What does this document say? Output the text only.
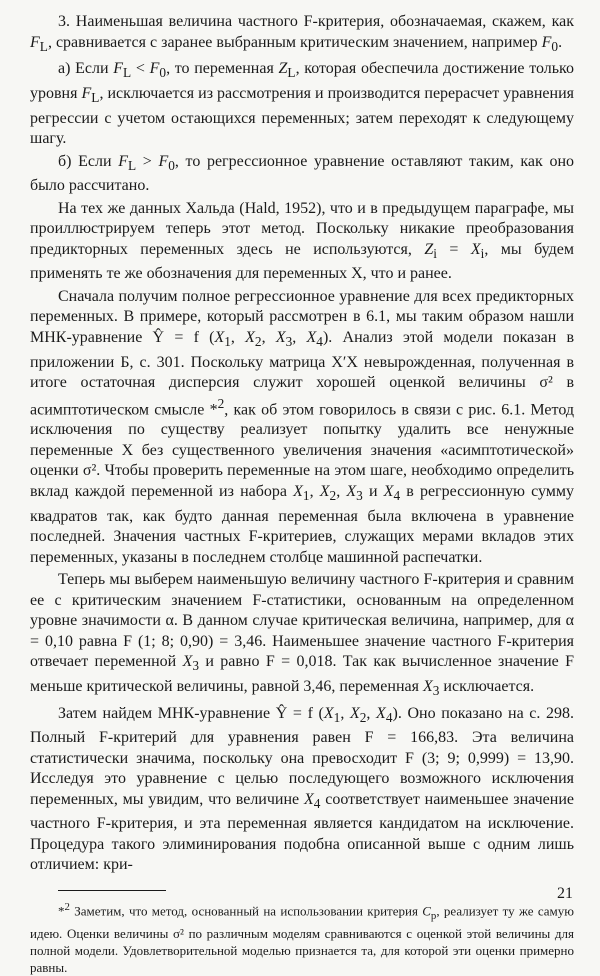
3. Наименьшая величина частного F-критерия, обозначаемая, скажем, как $F_L$, сравнивается с заранее выбранным критическим значением, например $F_0$.

а) Если $F_L < F_0$, то переменная $Z_L$, которая обеспечила достижение только уровня $F_L$, исключается из рассмотрения и производится перерасчет уравнения регрессии с учетом остающихся переменных; затем переходят к следующему шагу.

б) Если $F_L > F_0$, то регрессионное уравнение оставляют таким, как оно было рассчитано.

На тех же данных Хальда (Hald, 1952), что и в предыдущем параграфе, мы проиллюстрируем теперь этот метод. Поскольку никакие преобразования предикторных переменных здесь не используются, $Z_i = X_i$, мы будем применять те же обозначения для переменных X, что и ранее.

Сначала получим полное регрессионное уравнение для всех предикторных переменных. В примере, который рассмотрен в 6.1, мы таким образом нашли МНК-уравнение Ŷ = f ($X_1$, $X_2$, $X_3$, $X_4$). Анализ этой модели показан в приложении Б, с. 301. Поскольку матрица X′X невырожденная, полученная в итоге остаточная дисперсия служит хорошей оценкой величины σ² в асимптотическом смысле *$^2$, как об этом говорилось в связи с рис. 6.1. Метод исключения по существу реализует попытку удалить все ненужные переменные X без существенного увеличения значения «асимптотической» оценки σ². Чтобы проверить переменные на этом шаге, необходимо определить вклад каждой переменной из набора $X_1$, $X_2$, $X_3$ и $X_4$ в регрессионную сумму квадратов так, как будто данная переменная была включена в уравнение последней. Значения частных F-критериев, служащих мерами вкладов этих переменных, указаны в последнем столбце машинной распечатки.

Теперь мы выберем наименьшую величину частного F-критерия и сравним ее с критическим значением F-статистики, основанным на определенном уровне значимости α. В данном случае критическая величина, например, для α = 0,10 равна F (1; 8; 0,90) = 3,46. Наименьшее значение частного F-критерия отвечает переменной $X_3$ и равно F = 0,018. Так как вычисленное значение F меньше критической величины, равной 3,46, переменная $X_3$ исключается.

Затем найдем МНК-уравнение Ŷ = f ($X_1$, $X_2$, $X_4$). Оно показано на с. 298. Полный F-критерий для уравнения равен F = 166,83. Эта величина статистически значима, поскольку она превосходит F (3; 9; 0,999) = 13,90. Исследуя это уравнение с целью последующего возможного исключения переменных, мы увидим, что величине $X_4$ соответствует наименьшее значение частного F-критерия, и эта переменная является кандидатом на исключение. Процедура такого элиминирования подобна описанной выше с одним лишь отличием: кри-

*$^2$ Заметим, что метод, основанный на использовании критерия $C_p$, реализует ту же самую идею. Оценки величины σ² по различным моделям сравниваются с оценкой этой величины для полной модели. Удовлетворительной моделью признается та, для которой эти оценки примерно равны.

21
